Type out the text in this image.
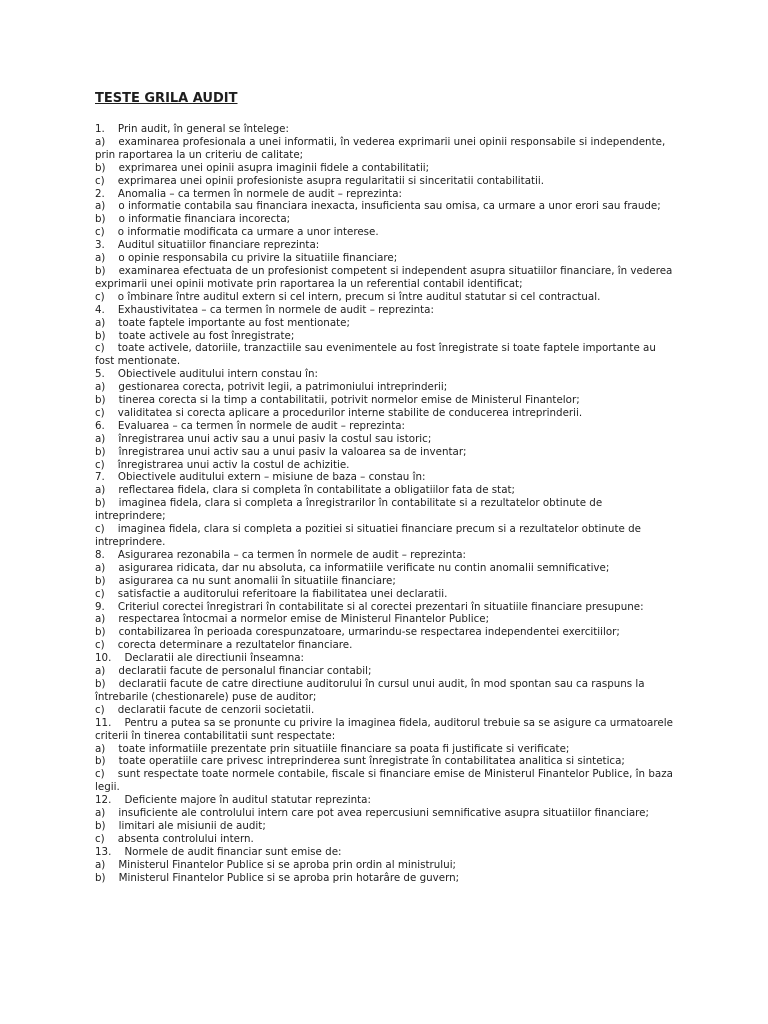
TESTE GRILA AUDIT
1.    Prin audit, în general se întelege:
a)    examinarea profesionala a unei informatii, în vederea exprimarii unei opinii responsabile si independente, prin raportarea la un criteriu de calitate;
b)    exprimarea unei opinii asupra imaginii fidele a contabilitatii;
c)    exprimarea unei opinii profesioniste asupra regularitatii si sinceritatii contabilitatii.
2.    Anomalia – ca termen în normele de audit – reprezinta:
a)    o informatie contabila sau financiara inexacta, insuficienta sau omisa, ca urmare a unor erori sau fraude;
b)    o informatie financiara incorecta;
c)    o informatie modificata ca urmare a unor interese.
3.    Auditul situatiilor financiare reprezinta:
a)    o opinie responsabila cu privire la situatiile financiare;
b)    examinarea efectuata de un profesionist competent si independent asupra situatiilor financiare, în vederea exprimarii unei opinii motivate prin raportarea la un referential contabil identificat;
c)    o îmbinare între auditul extern si cel intern, precum si între auditul statutar si cel contractual.
4.    Exhaustivitatea – ca termen în normele de audit – reprezinta:
a)    toate faptele importante au fost mentionate;
b)    toate activele au fost înregistrate;
c)    toate activele, datoriile, tranzactiile sau evenimentele au fost înregistrate si toate faptele importante au fost mentionate.
5.    Obiectivele auditului intern constau în:
a)    gestionarea corecta, potrivit legii, a patrimoniului intreprinderii;
b)    tinerea corecta si la timp a contabilitatii, potrivit normelor emise de Ministerul Finantelor;
c)    validitatea si corecta aplicare a procedurilor interne stabilite de conducerea intreprinderii.
6.    Evaluarea – ca termen în normele de audit – reprezinta:
a)    înregistrarea unui activ sau a unui pasiv la costul sau istoric;
b)    înregistrarea unui activ sau a unui pasiv la valoarea sa de inventar;
c)    înregistrarea unui activ la costul de achizitie.
7.    Obiectivele auditului extern – misiune de baza – constau în:
a)    reflectarea fidela, clara si completa în contabilitate a obligatiilor fata de stat;
b)    imaginea fidela, clara si completa a înregistrarilor în contabilitate si a rezultatelor obtinute de intreprindere;
c)    imaginea fidela, clara si completa a pozitiei si situatiei financiare precum si a rezultatelor obtinute de intreprindere.
8.    Asigurarea rezonabila – ca termen în normele de audit – reprezinta:
a)    asigurarea ridicata, dar nu absoluta, ca informatiile verificate nu contin anomalii semnificative;
b)    asigurarea ca nu sunt anomalii în situatiile financiare;
c)    satisfactie a auditorului referitoare la fiabilitatea unei declaratii.
9.    Criteriul corectei înregistrari în contabilitate si al corectei prezentari în situatiile financiare presupune:
a)    respectarea întocmai a normelor emise de Ministerul Finantelor Publice;
b)    contabilizarea în perioada corespunzatoare, urmarindu-se respectarea independentei exercitiilor;
c)    corecta determinare a rezultatelor financiare.
10.    Declaratii ale directiunii înseamna:
a)    declaratii facute de personalul financiar contabil;
b)    declaratii facute de catre directiune auditorului în cursul unui audit, în mod spontan sau ca raspuns la întrebarile (chestionarele) puse de auditor;
c)    declaratii facute de cenzorii societatii.
11.    Pentru a putea sa se pronunte cu privire la imaginea fidela, auditorul trebuie sa se asigure ca urmatoarele criterii în tinerea contabilitatii sunt respectate:
a)    toate informatiile prezentate prin situatiile financiare sa poata fi justificate si verificate;
b)    toate operatiile care privesc intreprinderea sunt înregistrate în contabilitatea analitica si sintetica;
c)    sunt respectate toate normele contabile, fiscale si financiare emise de Ministerul Finantelor Publice, în baza legii.
12.    Deficiente majore în auditul statutar reprezinta:
a)    insuficiente ale controlului intern care pot avea repercusiuni semnificative asupra situatiilor financiare;
b)    limitari ale misiunii de audit;
c)    absenta controlului intern.
13.    Normele de audit financiar sunt emise de:
a)    Ministerul Finantelor Publice si se aproba prin ordin al ministrului;
b)    Ministerul Finantelor Publice si se aproba prin hotarâre de guvern;
